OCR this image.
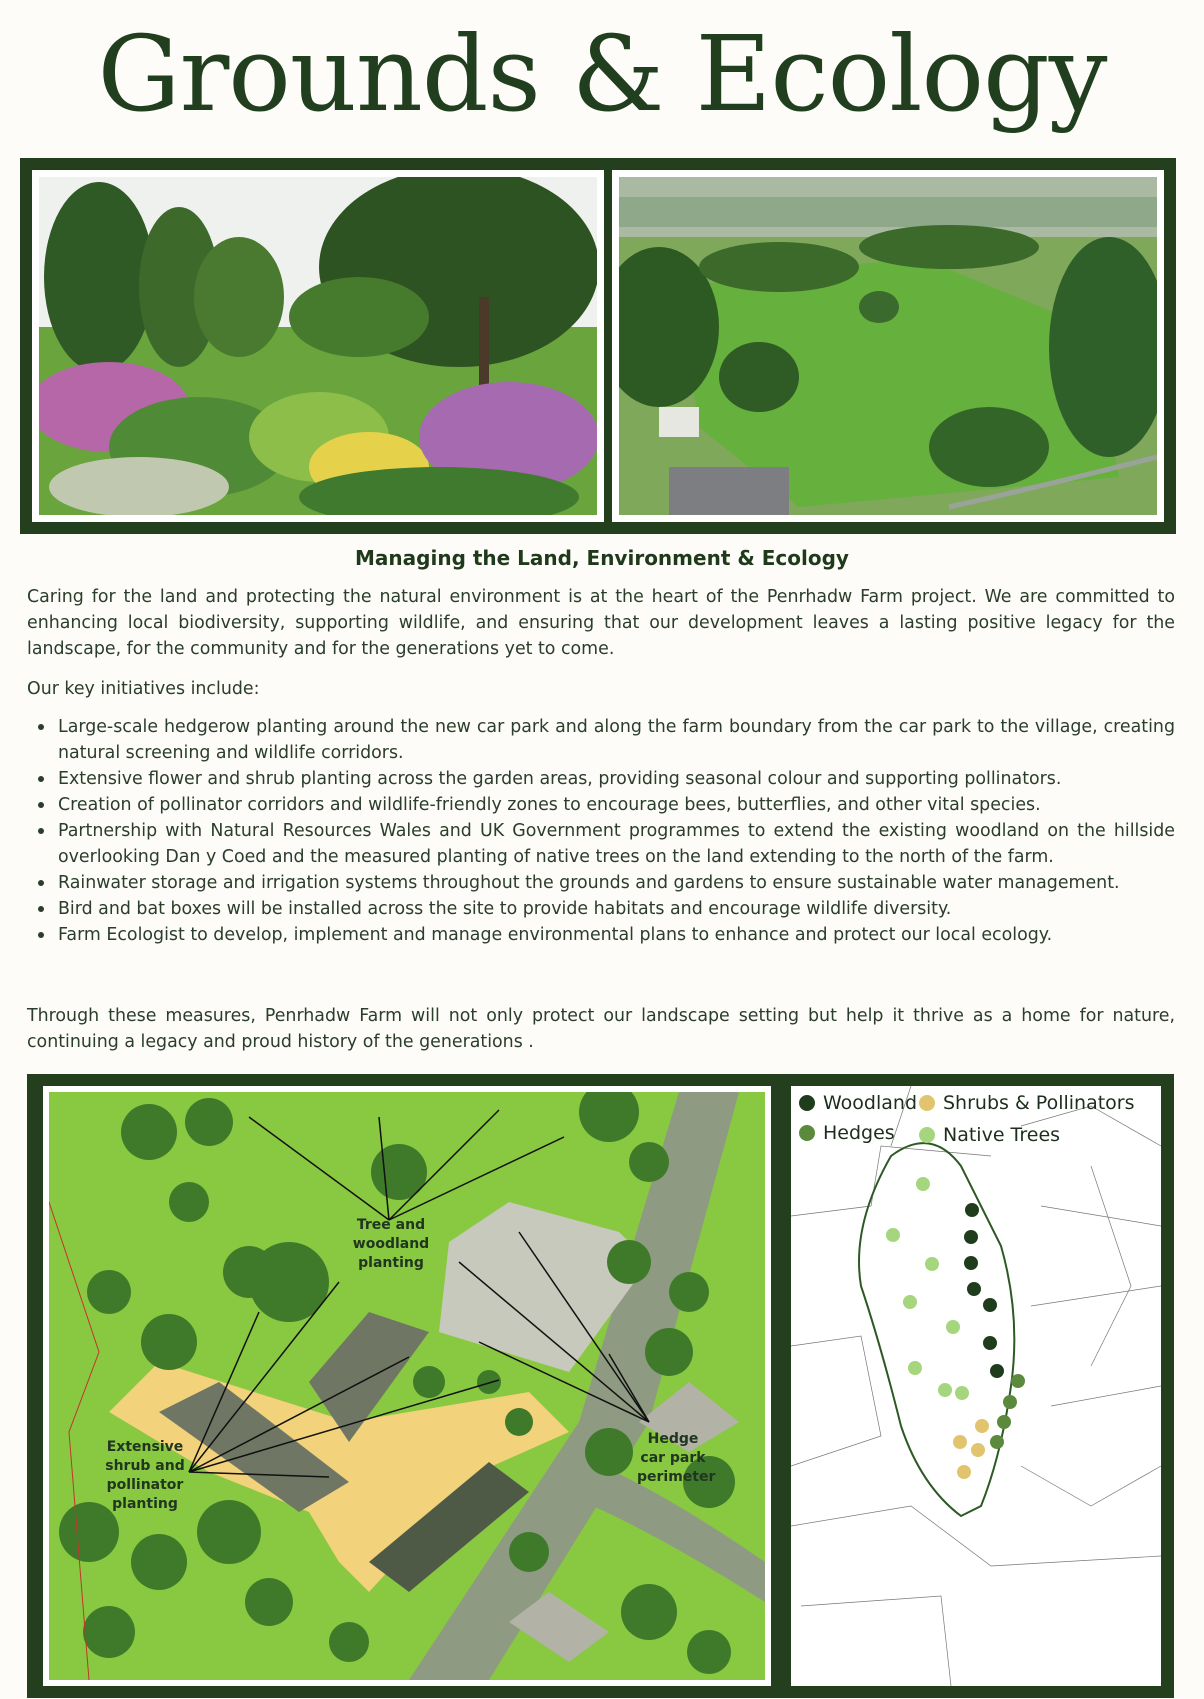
Grounds & Ecology
Managing the Land, Environment & Ecology
Caring for the land and protecting the natural environment is at the heart of the Penrhadw Farm project. We are committed to enhancing local biodiversity, supporting wildlife, and ensuring that our development leaves a lasting positive legacy for the landscape, for the community and for the generations yet to come.
Our key initiatives include:
Large-scale hedgerow planting around the new car park and along the farm boundary from the car park to the village, creating natural screening and wildlife corridors.
Extensive flower and shrub planting across the garden areas, providing seasonal colour and supporting pollinators.
Creation of pollinator corridors and wildlife-friendly zones to encourage bees, butterflies, and other vital species.
Partnership with Natural Resources Wales and UK Government programmes to extend the existing woodland on the hillside overlooking Dan y Coed and the measured planting of native trees on the land extending to the north of the farm.
Rainwater storage and irrigation systems throughout the grounds and gardens to ensure sustainable water management.
Bird and bat boxes will be installed across the site to provide habitats and encourage wildlife diversity.
Farm Ecologist to develop, implement and manage environmental plans to enhance and protect our local ecology.
Through these measures, Penrhadw Farm will not only protect our landscape setting but help it thrive as a home for nature, continuing a legacy and proud history of the generations .
Tree and
woodland
planting
Extensive
shrub and
pollinator
planting
Hedge
car park
perimeter
Woodland Shrubs & Pollinators
Hedges	Native Trees
